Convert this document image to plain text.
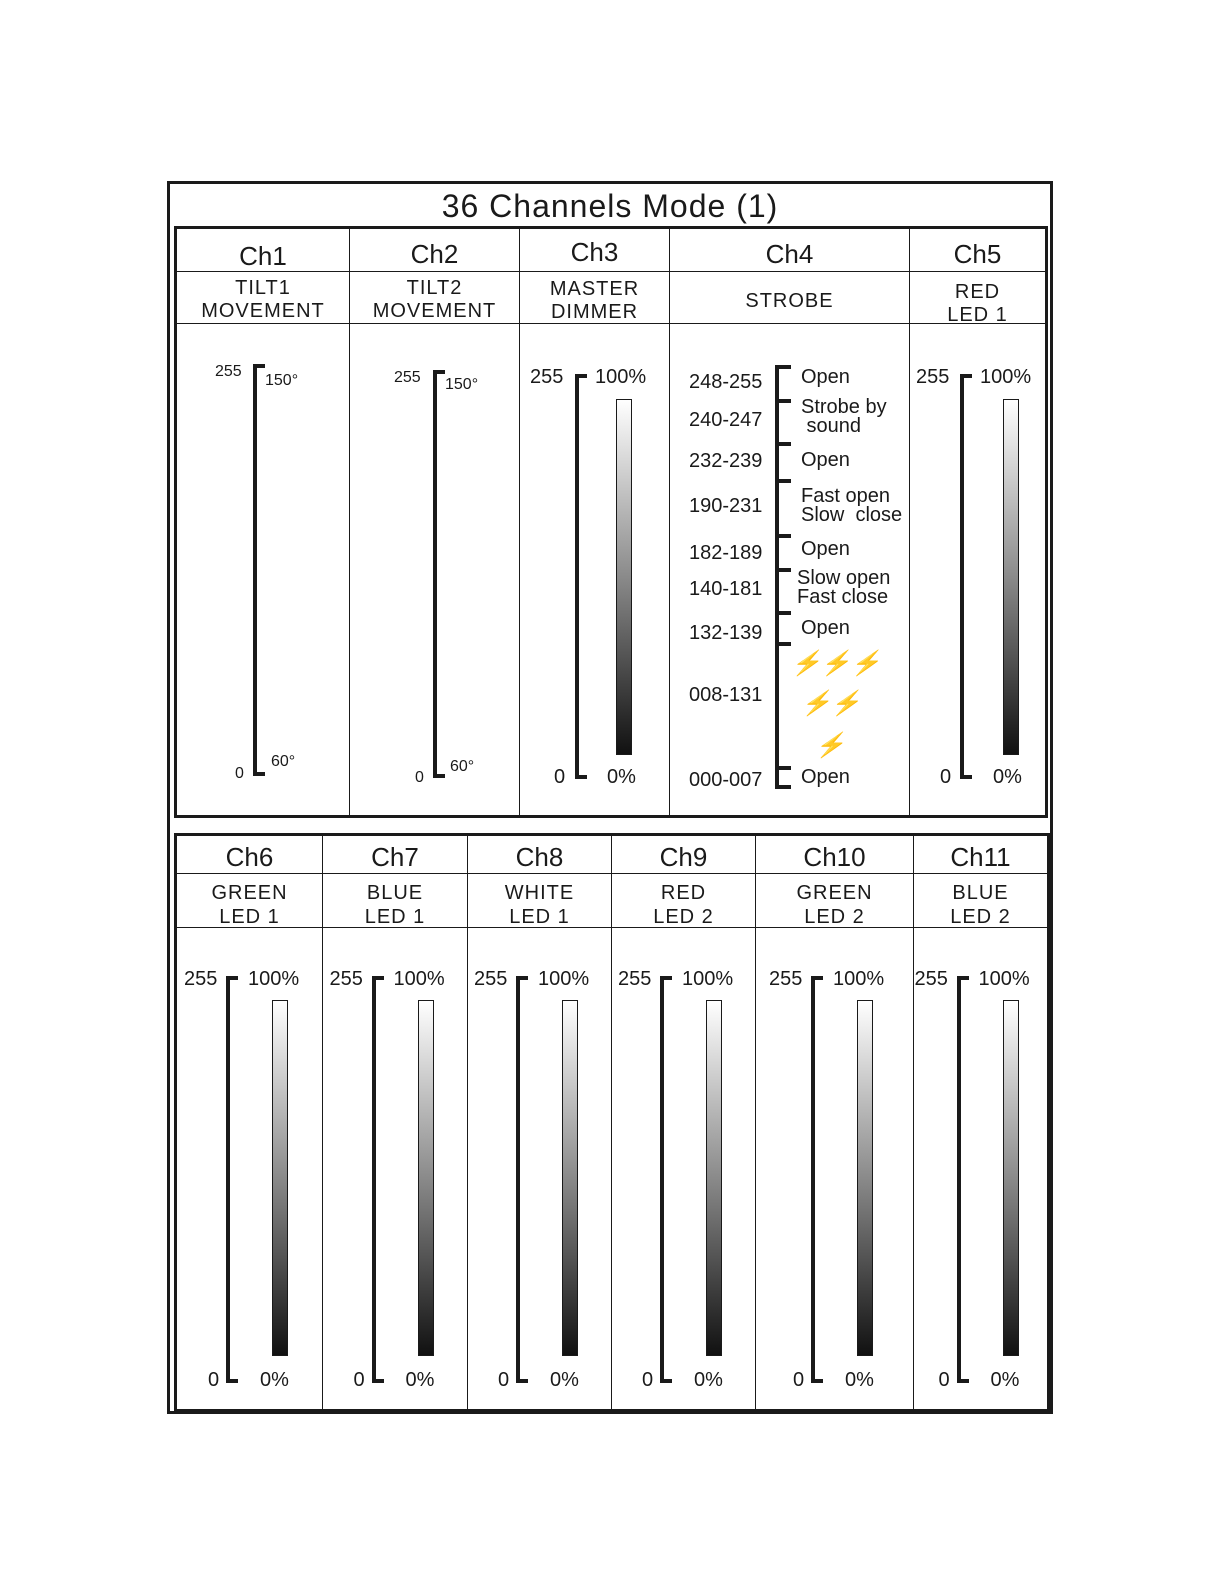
36 Channels Mode (1)
Ch1
TILT1
MOVEMENT
255
0
150°
60°
Ch2
TILT2
MOVEMENT
255
0
150°
60°
Ch3
MASTER
DIMMER
255
0
100%
0%
Ch4
STROBE
248-255
240-247
232-239
190-231
182-189
140-181
132-139
008-131
000-007
Open
Strobe by
sound
Open
Fast open
Slow  close
Open
Slow open
Fast close
Open
Open
⚡⚡⚡
⚡⚡
⚡
Ch5
RED
LED 1
255
0
100%
0%
Ch6
GREEN
LED 1
255
0
100%
0%
Ch7
BLUE
LED 1
255
0
100%
0%
Ch8
WHITE
LED 1
255
0
100%
0%
Ch9
RED
LED 2
255
0
100%
0%
Ch10
GREEN
LED 2
255
0
100%
0%
Ch11
BLUE
LED 2
255
0
100%
0%
